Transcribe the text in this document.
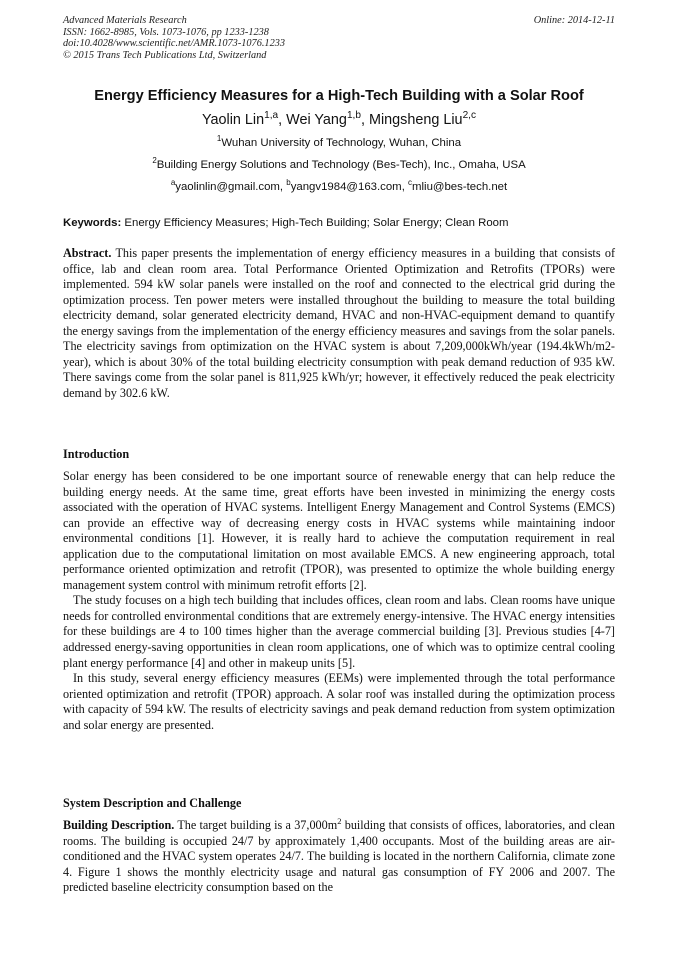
Advanced Materials Research
ISSN: 1662-8985, Vols. 1073-1076, pp 1233-1238
doi:10.4028/www.scientific.net/AMR.1073-1076.1233
© 2015 Trans Tech Publications Ltd, Switzerland
Online: 2014-12-11
Energy Efficiency Measures for a High-Tech Building with a Solar Roof
Yaolin Lin$^{1,a}$, Wei Yang$^{1,b}$, Mingsheng Liu$^{2,c}$
$^1$Wuhan University of Technology, Wuhan, China
$^2$Building Energy Solutions and Technology (Bes-Tech), Inc., Omaha, USA
$^a$yaolinlin@gmail.com, $^b$yangv1984@163.com, $^c$mliu@bes-tech.net
Keywords: Energy Efficiency Measures; High-Tech Building; Solar Energy; Clean Room

Abstract. This paper presents the implementation of energy efficiency measures in a building that consists of office, lab and clean room area. Total Performance Oriented Optimization and Retrofits (TPORs) were implemented. 594 kW solar panels were installed on the roof and connected to the electrical grid during the optimization process. Ten power meters were installed throughout the building to measure the total building electricity demand, solar generated electricity demand, HVAC and non-HVAC-equipment demand to quantify the energy savings from the implementation of the energy efficiency measures and savings from the solar panels. The electricity savings from optimization on the HVAC system is about 7,209,000kWh/year (194.4kWh/m2-year), which is about 30% of the total building electricity consumption with peak demand reduction of 935 kW. There savings come from the solar panel is 811,925 kWh/yr; however, it effectively reduced the peak electricity demand by 302.6 kW.

Introduction

Solar energy has been considered to be one important source of renewable energy that can help reduce the building energy needs. At the same time, great efforts have been invested in minimizing the energy costs associated with the operation of HVAC systems. Intelligent Energy Management and Control Systems (EMCS) can provide an effective way of decreasing energy costs in HVAC systems while maintaining indoor environmental conditions [1]. However, it is really hard to achieve the computation requirement in real application due to the computational limitation on most available EMCS. A new engineering approach, total performance oriented optimization and retrofit (TPOR), was presented to optimize the whole building energy management system control with minimum retrofit efforts [2].

The study focuses on a high tech building that includes offices, clean room and labs. Clean rooms have unique needs for controlled environmental conditions that are extremely energy-intensive. The HVAC energy intensities for these buildings are 4 to 100 times higher than the average commercial building [3]. Previous studies [4-7] addressed energy-saving opportunities in clean room applications, one of which was to optimize central cooling plant energy performance [4] and other in makeup units [5].

In this study, several energy efficiency measures (EEMs) were implemented through the total performance oriented optimization and retrofit (TPOR) approach. A solar roof was installed during the optimization process with capacity of 594 kW. The results of electricity savings and peak demand reduction from system optimization and solar energy are presented.

System Description and Challenge

Building Description. The target building is a $37,000m^2$ building that consists of offices, laboratories, and clean rooms. The building is occupied 24/7 by approximately 1,400 occupants. Most of the building areas are air-conditioned and the HVAC system operates 24/7. The building is located in the northern California, climate zone 4. Figure 1 shows the monthly electricity usage and natural gas consumption of FY 2006 and 2007. The predicted baseline electricity consumption based on the
